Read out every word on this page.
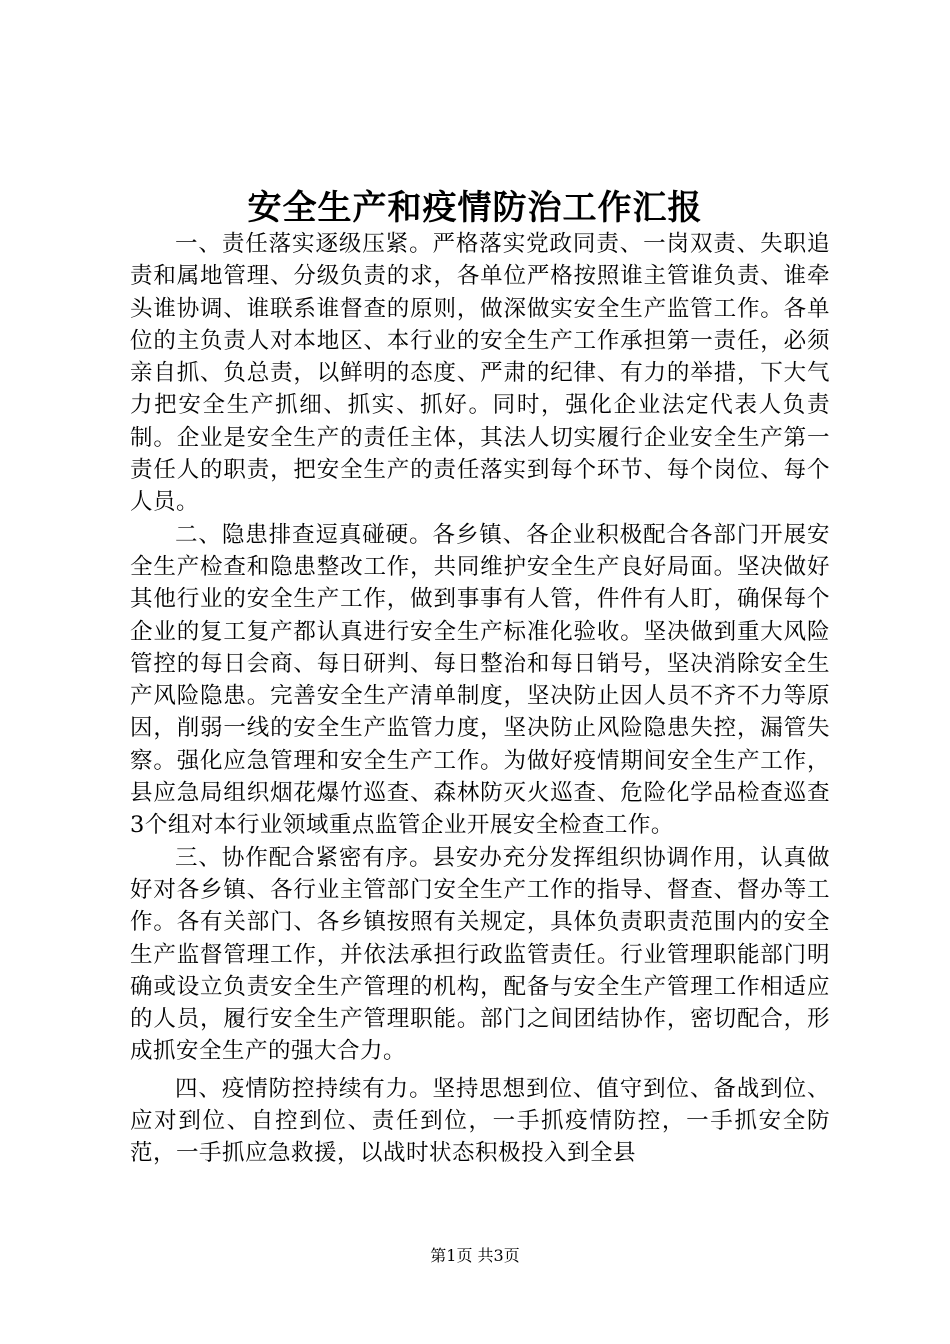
安全生产和疫情防治工作汇报

一、责任落实逐级压紧。严格落实党政同责、一岗双责、失职追责和属地管理、分级负责的求，各单位严格按照谁主管谁负责、谁牵头谁协调、谁联系谁督查的原则，做深做实安全生产监管工作。各单位的主负责人对本地区、本行业的安全生产工作承担第一责任，必须亲自抓、负总责，以鲜明的态度、严肃的纪律、有力的举措，下大气力把安全生产抓细、抓实、抓好。同时，强化企业法定代表人负责制。企业是安全生产的责任主体，其法人切实履行企业安全生产第一责任人的职责，把安全生产的责任落实到每个环节、每个岗位、每个人员。

二、隐患排查逗真碰硬。各乡镇、各企业积极配合各部门开展安全生产检查和隐患整改工作，共同维护安全生产良好局面。坚决做好其他行业的安全生产工作，做到事事有人管，件件有人盯，确保每个企业的复工复产都认真进行安全生产标准化验收。坚决做到重大风险管控的每日会商、每日研判、每日整治和每日销号，坚决消除安全生产风险隐患。完善安全生产清单制度，坚决防止因人员不齐不力等原因，削弱一线的安全生产监管力度，坚决防止风险隐患失控，漏管失察。强化应急管理和安全生产工作。为做好疫情期间安全生产工作，县应急局组织烟花爆竹巡查、森林防灭火巡查、危险化学品检查巡查3个组对本行业领域重点监管企业开展安全检查工作。

三、协作配合紧密有序。县安办充分发挥组织协调作用，认真做好对各乡镇、各行业主管部门安全生产工作的指导、督查、督办等工作。各有关部门、各乡镇按照有关规定，具体负责职责范围内的安全生产监督管理工作，并依法承担行政监管责任。行业管理职能部门明确或设立负责安全生产管理的机构，配备与安全生产管理工作相适应的人员，履行安全生产管理职能。部门之间团结协作，密切配合，形成抓安全生产的强大合力。

四、疫情防控持续有力。坚持思想到位、值守到位、备战到位、应对到位、自控到位、责任到位，一手抓疫情防控，一手抓安全防范，一手抓应急救援，以战时状态积极投入到全县

第1页 共3页
